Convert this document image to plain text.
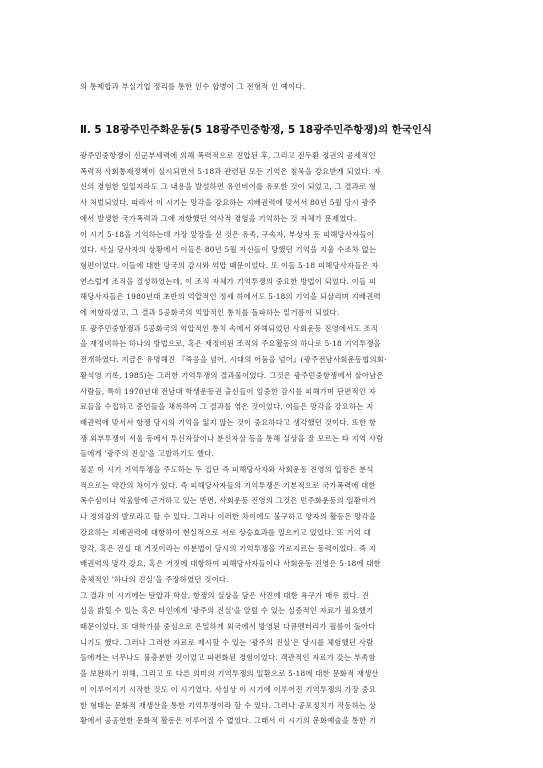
의 통제합과 부실기업 정리를 통한 인수 합병이 그 전형적 인 예이다.
Ⅱ. 5 18광주민주화운동(5 18광주민중항쟁, 5 18광주민주항쟁)의 한국인식
광주민중항쟁이 신군부세력에 의해 폭력적으로 진압된 후, 그리고 전두환 정권의 공세적인
폭력적 사회통제정책이 실시되면서 5·18과 관련된 모든 기억은 침묵을 강요받게 되었다. 자
신의 경험한 일일지라도 그 내용을 발설하면 유언비어를 유포한 것이 되었고, 그 결과로 형
사 처벌되었다. 따라서 이 시기는 망각을 강요하는 지배권력에 맞서서 80년 5월 당시 광주
에서 발생한 국가폭력과 그에 저항했던 역사적 경험을 기억하는 것 자체가 문제였다.
이 시기 5·18을 기억하는데 가장 앞장을 선 것은 유족, 구속자, 부상자 등 피해당사자들이
었다. 사실 당사자의 상황에서 이들은 80년 5월 자신들이 당했던 기억을 지울 수조차 없는
형편이었다. 이들에 대한 당국의 감시와 억압 때문이었다. 또 이들 5·18 피해당사자들은 자
연스럽게 조직을 결성하였는데, 이 조직 자체가 기억투쟁의 중요한 방법이 되었다. 이들 피
해당사자들은 1980년대 초반의 억압적인 정세 하에서도 5·18의 기억을 되살리며 지배권력
에 저항하였고, 그 결과 5공화국의 억압적인 통치를 돌파하는 밑거름이 되었다.
또 광주민중항쟁과 5공화국의 억압적인 통치 속에서 와해되었던 사회운동 진영에서도 조직
을 재정비하는 하나의 방법으로, 혹은 재정비된 조직의 주요활동의 하나로 5·18 기억투쟁을
전개하였다. 지금은 유명해진 『죽음을 넘어, 시대의 어둠을 넘어』(광주전남사회운동협의회·
황석영 기록, 1985)는 그러한 기억투쟁의 결과물이었다. 그것은 광주민중항쟁에서 살아남은
사람들, 특히 1970년대 전남대 학생운동권 출신들이 엄중한 감시를 피해가며 단편적인 자
료들을 수집하고 증언들을 채록하여 그 결과를 엮은 것이었다. 이들은 망각을 강요하는 지
배권력에 맞서서 항쟁 당시의 기억을 잃지 않는 것이 중요하다고 생각했던 것이다. 또한 항
쟁 외부투쟁이 서울 등에서 투신자살이나 분신자살 등을 통해 실상을 잘 모르는 타 지역 사람
들에게 '광주의 진실'을 고발하기도 했다.
물론 이 시기 기억투쟁을 주도하는 두 집단 즉 피해당사자와 사회운동 진영의 입장은 분석
적으로는 약간의 차이가 있다. 즉 피해당사자들의 기억투쟁은 기본적으로 국가폭력에 대한
복수심이나 억울함에 근거하고 있는 반면, 사회운동 진영의 그것은 민주화운동의 일환이거
나 정의감의 발로라고 할 수 있다. 그러나 이러한 차이에도 불구하고 양자의 활동은 망각을
강요하는 지배권력에 대항하여 현실적으로 서로 상승효과를 일으키고 있었다. 또 기억 대
망각, 혹은 진실 대 거짓이라는 이분법이 당시의 기억투쟁을 가로지르는 동력이었다. 즉 지
배권력의 망각 강요, 혹은 거짓에 대항하여 피해당사자들이나 사회운동 진영은 5·18에 대한
총체적인 '하나의 진실'을 주장하였던 것이다.
그 결과 이 시기에는 탄압과 학살, 항쟁의 실상을 담은 사진에 대한 욕구가 매우 컸다. 진
실을 밝힐 수 있는 혹은 타인에게 '광주의 진실'을 알릴 수 있는 실증적인 자료가 필요했기
때문이었다. 또 대학가를 중심으로 은밀하게 외국에서 방영된 다큐멘터리가 필름이 돌아다
니기도 했다. 그러나 그러한 자료로 제시할 수 있는 '광주의 진실'은 당시를 체험했던 사람
들에게는 너무나도 불충분한 것이었고 파편화된 경험이었다. 객관적인 자료가 갖는 부족함
을 보완하기 위해, 그리고 또 다른 의미의 기억투쟁의 일환으로 5·18에 대한 문화적 재생산
이 이루어지기 시작한 것도 이 시기였다. 사실상 이 시기에 이루어진 기억투쟁의 가장 중요
한 형태는 문화적 재생산을 통한 기억투쟁이라 할 수 있다. 그러나 공포정치가 작동하는 상
황에서 공공연한 문화적 활동은 이루어질 수 없었다. 그래서 이 시기의 문화예술을 통한 기
